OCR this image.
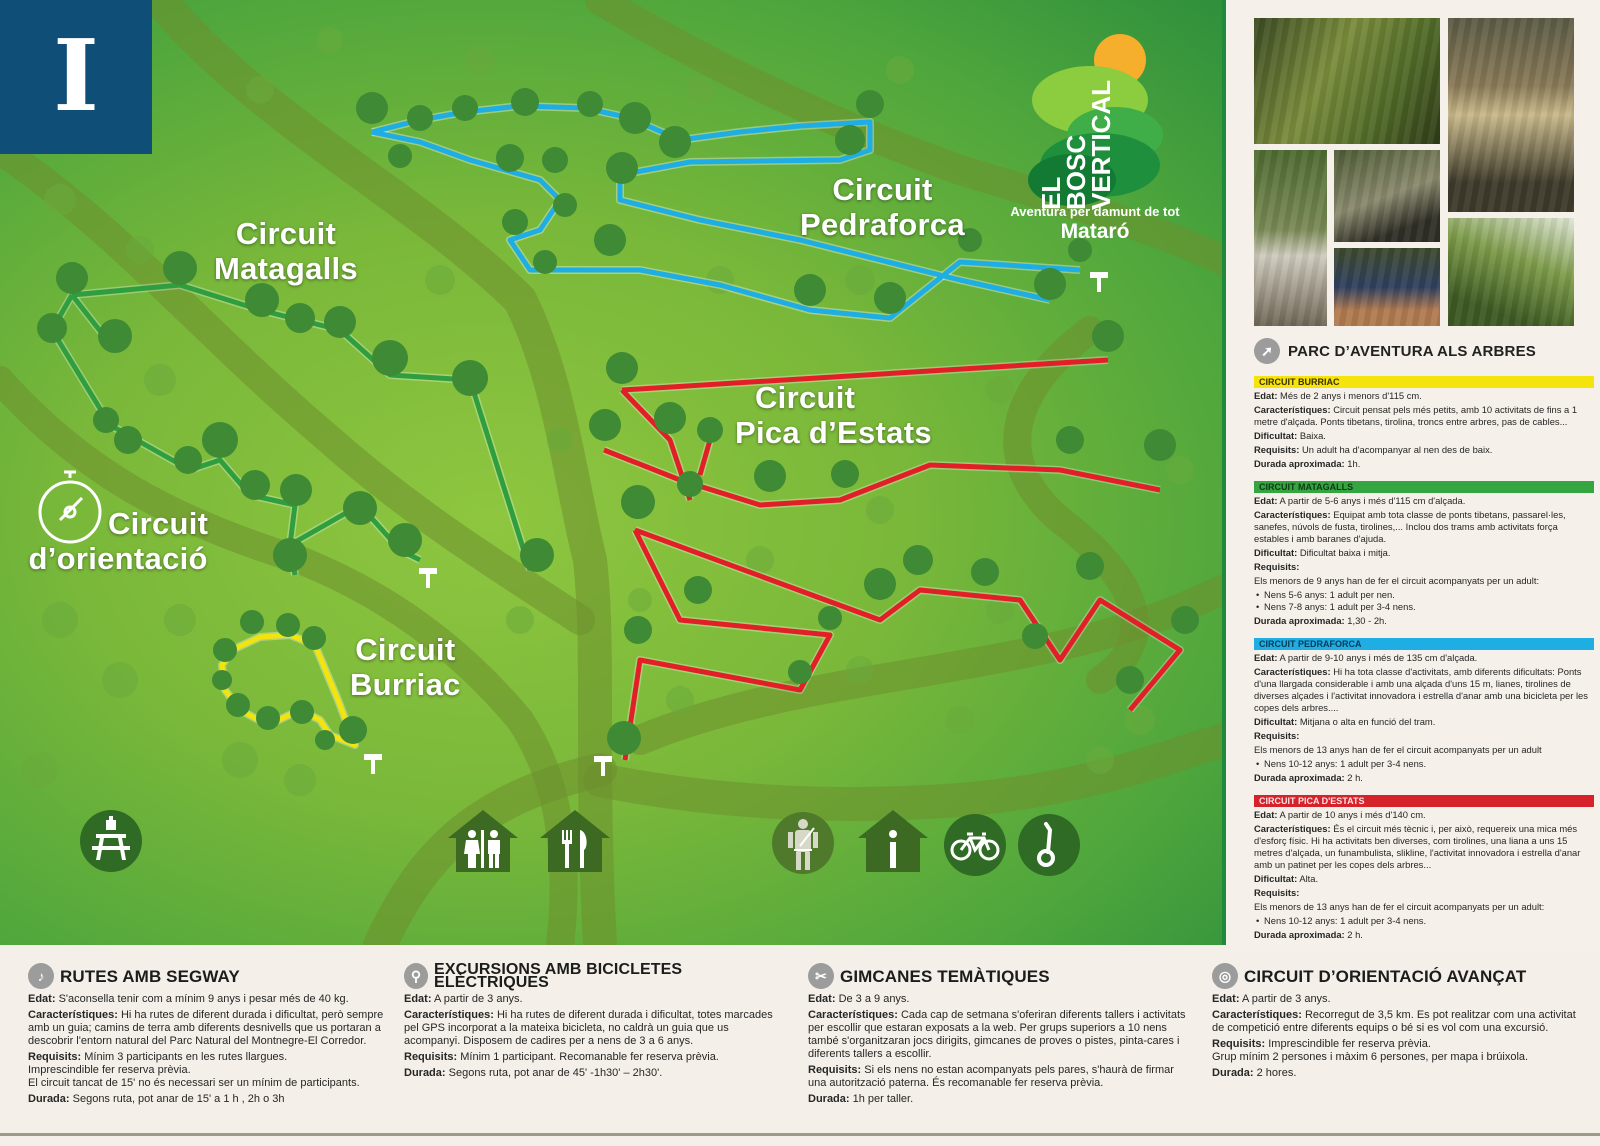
I
EL
BOSC
VERTICAL
Aventura per damunt de tot
Mataró
Circuit
Pedraforca
Circuit
Matagalls
Circuit
Pica d’Estats
Circuit
d’orientació
Circuit
Burriac
➚	PARC D’AVENTURA ALS ARBRES
CIRCUIT BURRIAC
Edat: Més de 2 anys i menors d'115 cm.
Característiques: Circuit pensat pels més petits, amb 10 activitats de fins a 1 metre d'alçada. Ponts tibetans, tirolina, troncs entre arbres, pas de cables...
Dificultat: Baixa.
Requisits: Un adult ha d'acompanyar al nen des de baix.
Durada aproximada: 1h.
CIRCUIT MATAGALLS
Edat: A partir de 5-6 anys i més d'115 cm d'alçada.
Característiques: Equipat amb tota classe de ponts tibetans, passarel·les, sanefes, núvols de fusta, tirolines,... Inclou dos trams amb activitats força estables i amb baranes d'ajuda.
Dificultat: Dificultat baixa i mitja.
Requisits:
Els menors de 9 anys han de fer el circuit acompanyats per un adult:
• Nens 5-6 anys: 1 adult per nen.
• Nens 7-8 anys: 1 adult per 3-4 nens.
Durada aproximada: 1,30 - 2h.
CIRCUIT PEDRAFORCA
Edat: A partir de 9-10 anys i més de 135 cm d'alçada.
Característiques: Hi ha tota classe d'activitats, amb diferents dificultats: Ponts d'una llargada considerable i amb una alçada d'uns 15 m, lianes, tirolines de diverses alçades i l'activitat innovadora i estrella d'anar amb una bicicleta per les copes dels arbres....
Dificultat: Mitjana o alta en funció del tram.
Requisits:
Els menors de 13 anys han de fer el circuit acompanyats per un adult
• Nens 10-12 anys: 1 adult per 3-4 nens.
Durada aproximada: 2 h.
CIRCUIT PICA D'ESTATS
Edat: A partir de 10 anys i més d'140 cm.
Característiques: És el circuit més tècnic i, per això, requereix una mica més d'esforç físic. Hi ha activitats ben diverses, com tirolines, una liana a uns 15 metres d'alçada, un funambulista, slikline, l'activitat innovadora i estrella d'anar amb un patinet per les copes dels arbres...
Dificultat: Alta.
Requisits:
Els menors de 13 anys han de fer el circuit acompanyats per un adult:
• Nens 10-12 anys: 1 adult per 3-4 nens.
Durada aproximada: 2 h.
♪ RUTES AMB SEGWAY
Edat: S'aconsella tenir com a mínim 9 anys i pesar més de 40 kg.
Característiques: Hi ha rutes de diferent durada i dificultat, però sempre amb un guia; camins de terra amb diferents desnivells que us portaran a descobrir l'entorn natural del Parc Natural del Montnegre-El Corredor.
Requisits: Mínim 3 participants en les rutes llargues.
Imprescindible fer reserva prèvia.
El circuit tancat de 15' no és necessari ser un mínim de participants.
Durada: Segons ruta, pot anar de 15' a 1 h , 2h o 3h
⚲ EXCURSIONS AMB BICICLETES ELÈCTRIQUES
Edat: A partir de 3 anys.
Característiques: Hi ha rutes de diferent durada i dificultat, totes marcades pel GPS incorporat a la mateixa bicicleta, no caldrà un guia que us acompanyi. Disposem de cadires per a nens de 3 a 6 anys.
Requisits: Mínim 1 participant. Recomanable fer reserva prèvia.
Durada: Segons ruta, pot anar de 45' -1h30' – 2h30'.
✂ GIMCANES TEMÀTIQUES
Edat: De 3 a 9 anys.
Característiques: Cada cap de setmana s'oferiran diferents tallers i activitats per escollir que estaran exposats a la web. Per grups superiors a 10 nens també s'organitzaran jocs dirigits, gimcanes de proves o pistes, pinta-cares i diferents tallers a escollir.
Requisits: Si els nens no estan acompanyats pels pares, s'haurà de firmar una autorització paterna. És recomanable fer reserva prèvia.
Durada: 1h per taller.
◎ CIRCUIT D’ORIENTACIÓ AVANÇAT
Edat: A partir de 3 anys.
Característiques: Recorregut de 3,5 km. Es pot realitzar com una activitat de competició entre diferents equips o bé si es vol com una excursió.
Requisits: Imprescindible fer reserva prèvia.
Grup mínim 2 persones i màxim 6 persones, per mapa i brúixola.
Durada: 2 hores.
